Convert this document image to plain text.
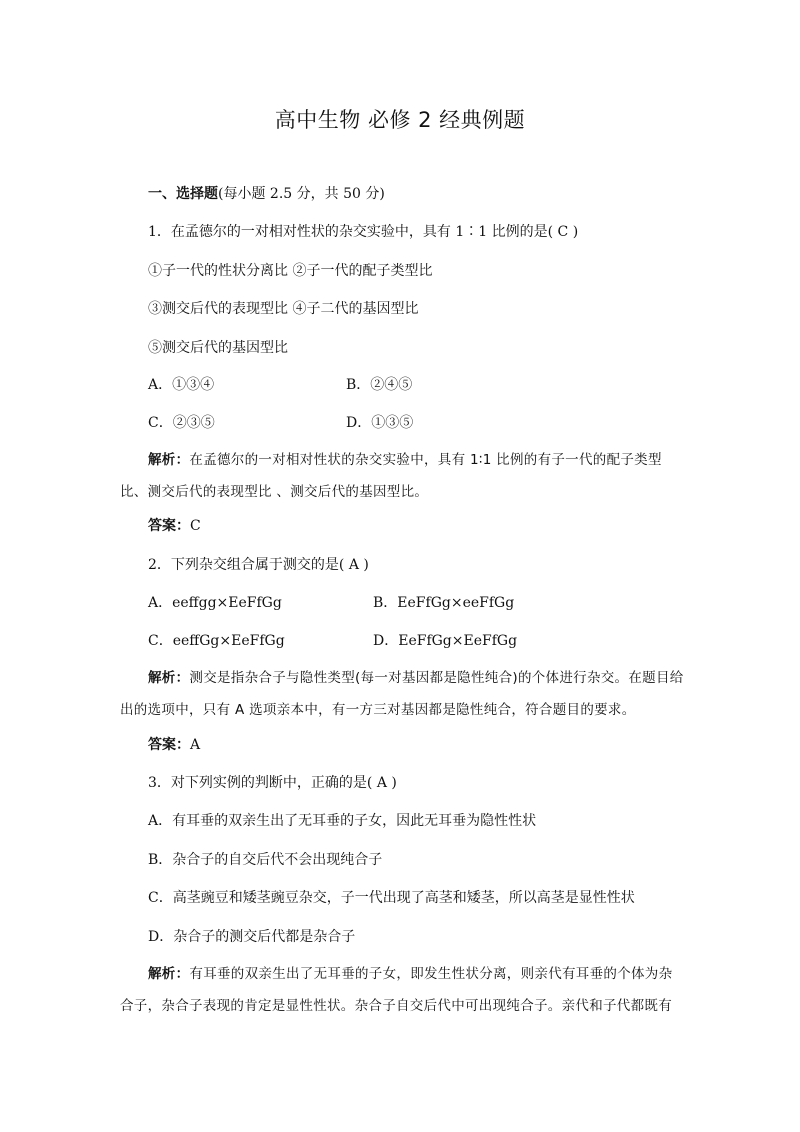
高中生物 必修 2 经典例题
一、选择题(每小题 2.5 分，共 50 分)
1．在孟德尔的一对相对性状的杂交实验中，具有 1∶1 比例的是( C )
①子一代的性状分离比 ②子一代的配子类型比
③测交后代的表现型比 ④子二代的基因型比
⑤测交后代的基因型比
A．①③④	B．②④⑤
C．②③⑤	D．①③⑤
解析：在孟德尔的一对相对性状的杂交实验中，具有 1∶1 比例的有子一代的配子类型比、测交后代的表现型比 、测交后代的基因型比。
答案：C
2．下列杂交组合属于测交的是( A )
A．eeffgg×EeFfGg	B．EeFfGg×eeFfGg
C．eeffGg×EeFfGg	D．EeFfGg×EeFfGg
解析：测交是指杂合子与隐性类型(每一对基因都是隐性纯合)的个体进行杂交。在题目给出的选项中，只有 A 选项亲本中，有一方三对基因都是隐性纯合，符合题目的要求。
答案：A
3．对下列实例的判断中，正确的是( A )
A．有耳垂的双亲生出了无耳垂的子女，因此无耳垂为隐性性状
B．杂合子的自交后代不会出现纯合子
C．高茎豌豆和矮茎豌豆杂交，子一代出现了高茎和矮茎，所以高茎是显性性状
D．杂合子的测交后代都是杂合子
解析：有耳垂的双亲生出了无耳垂的子女，即发生性状分离，则亲代有耳垂的个体为杂合子，杂合子表现的肯定是显性性状。杂合子自交后代中可出现纯合子。亲代和子代都既有
